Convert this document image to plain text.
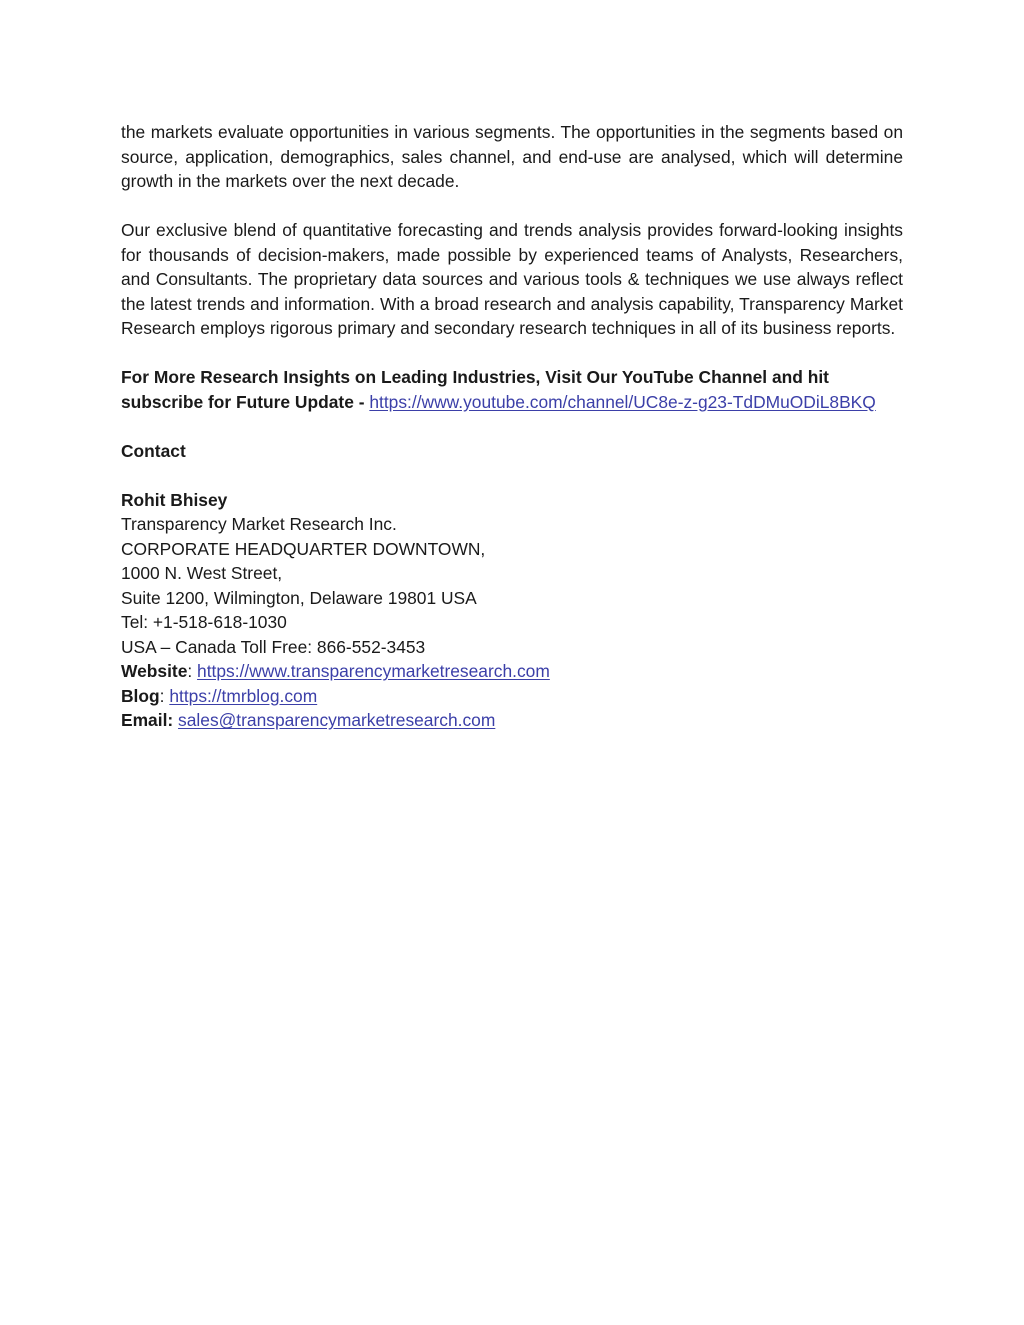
the markets evaluate opportunities in various segments. The opportunities in the segments based on source, application, demographics, sales channel, and end-use are analysed, which will determine growth in the markets over the next decade.

Our exclusive blend of quantitative forecasting and trends analysis provides forward-looking insights for thousands of decision-makers, made possible by experienced teams of Analysts, Researchers, and Consultants. The proprietary data sources and various tools & techniques we use always reflect the latest trends and information. With a broad research and analysis capability, Transparency Market Research employs rigorous primary and secondary research techniques in all of its business reports.

For More Research Insights on Leading Industries, Visit Our YouTube Channel and hit subscribe for Future Update - https://www.youtube.com/channel/UC8e-z-g23-TdDMuODiL8BKQ

Contact

Rohit Bhisey
Transparency Market Research Inc.
CORPORATE HEADQUARTER DOWNTOWN,
1000 N. West Street,
Suite 1200, Wilmington, Delaware 19801 USA
Tel: +1-518-618-1030
USA – Canada Toll Free: 866-552-3453
Website: https://www.transparencymarketresearch.com
Blog: https://tmrblog.com
Email: sales@transparencymarketresearch.com
